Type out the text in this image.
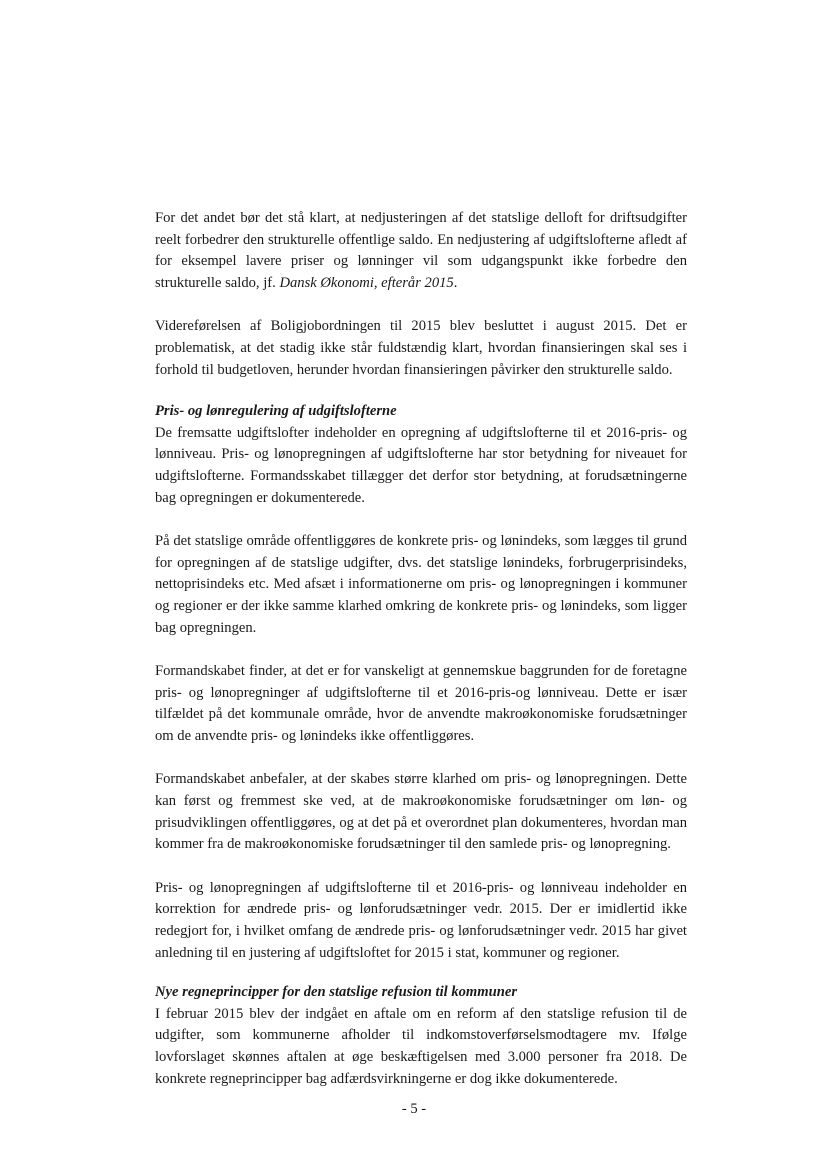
For det andet bør det stå klart, at nedjusteringen af det statslige delloft for driftsudgifter reelt forbedrer den strukturelle offentlige saldo. En nedjustering af udgiftslofterne afledt af for eksempel lavere priser og lønninger vil som udgangspunkt ikke forbedre den strukturelle saldo, jf. Dansk Økonomi, efterår 2015.

Videreførelsen af Boligjobordningen til 2015 blev besluttet i august 2015. Det er problematisk, at det stadig ikke står fuldstændig klart, hvordan finansieringen skal ses i forhold til budgetloven, herunder hvordan finansieringen påvirker den strukturelle saldo.

Pris- og lønregulering af udgiftslofterne

De fremsatte udgiftslofter indeholder en opregning af udgiftslofterne til et 2016-pris- og lønniveau. Pris- og lønopregningen af udgiftslofterne har stor betydning for niveauet for udgiftslofterne. Formandsskabet tillægger det derfor stor betydning, at forudsætningerne bag opregningen er dokumenterede.

På det statslige område offentliggøres de konkrete pris- og lønindeks, som lægges til grund for opregningen af de statslige udgifter, dvs. det statslige lønindeks, forbrugerprisindeks, nettoprisindeks etc. Med afsæt i informationerne om pris- og lønopregningen i kommuner og regioner er der ikke samme klarhed omkring de konkrete pris- og lønindeks, som ligger bag opregningen.

Formandskabet finder, at det er for vanskeligt at gennemskue baggrunden for de foretagne pris- og lønopregninger af udgiftslofterne til et 2016-pris-og lønniveau. Dette er især tilfældet på det kommunale område, hvor de anvendte makroøkonomiske forudsætninger om de anvendte pris- og lønindeks ikke offentliggøres.

Formandskabet anbefaler, at der skabes større klarhed om pris- og lønopregningen. Dette kan først og fremmest ske ved, at de makroøkonomiske forudsætninger om løn- og prisudviklingen offentliggøres, og at det på et overordnet plan dokumenteres, hvordan man kommer fra de makroøkonomiske forudsætninger til den samlede pris- og lønopregning.

Pris- og lønopregningen af udgiftslofterne til et 2016-pris- og lønniveau indeholder en korrektion for ændrede pris- og lønforudsætninger vedr. 2015. Der er imidlertid ikke redegjort for, i hvilket omfang de ændrede pris- og lønforudsætninger vedr. 2015 har givet anledning til en justering af udgiftsloftet for 2015 i stat, kommuner og regioner.

Nye regneprincipper for den statslige refusion til kommuner

I februar 2015 blev der indgået en aftale om en reform af den statslige refusion til de udgifter, som kommunerne afholder til indkomstoverførselsmodtagere mv. Ifølge lovforslaget skønnes aftalen at øge beskæftigelsen med 3.000 personer fra 2018. De konkrete regneprincipper bag adfærdsvirkningerne er dog ikke dokumenterede.

- 5 -
